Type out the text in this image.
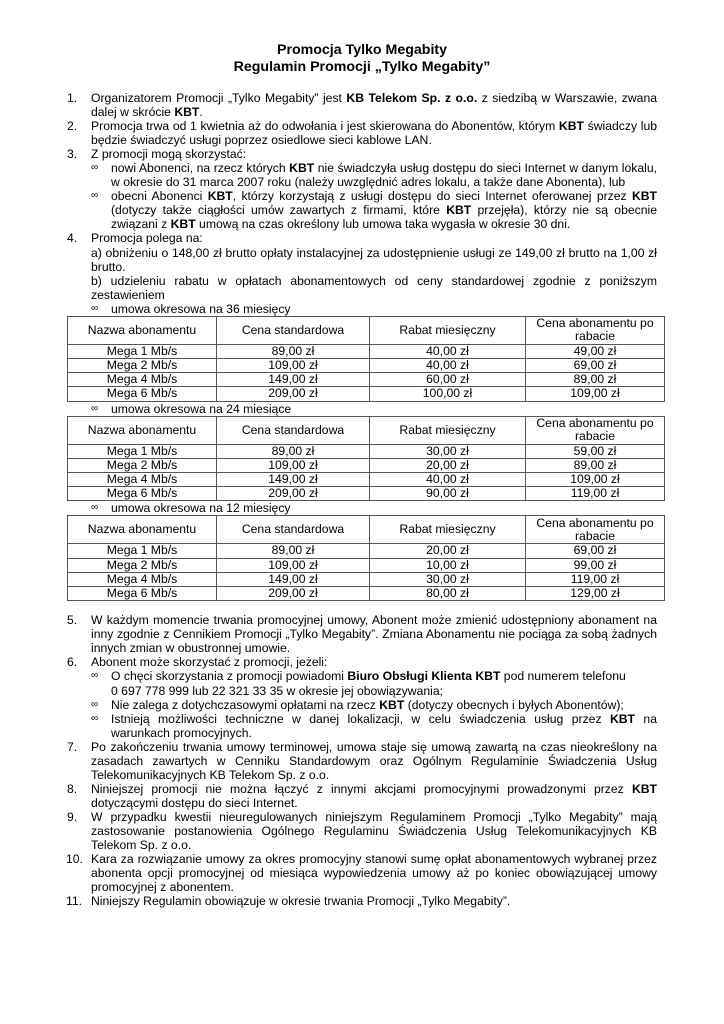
Promocja Tylko Megabity
Regulamin Promocji „Tylko Megabity”
1. Organizatorem Promocji „Tylko Megabity” jest KB Telekom Sp. z o.o. z siedzibą w Warszawie, zwana dalej w skrócie KBT.
2. Promocja trwa od 1 kwietnia aż do odwołania i jest skierowana do Abonentów, którym KBT świadczy lub będzie świadczyć usługi poprzez osiedlowe sieci kablowe LAN.
3. Z promocji mogą skorzystać:
∞ nowi Abonenci, na rzecz których KBT nie świadczyła usług dostępu do sieci Internet w danym lokalu, w okresie do 31 marca 2007 roku (należy uwzględnić adres lokalu, a także dane Abonenta), lub
∞ obecni Abonenci KBT, którzy korzystają z usługi dostępu do sieci Internet oferowanej przez KBT (dotyczy także ciągłości umów zawartych z firmami, które KBT przejęła), którzy nie są obecnie związani z KBT umową na czas określony lub umowa taka wygasła w okresie 30 dni.
4. Promocja polega na:
a) obniżeniu o 148,00 zł brutto opłaty instalacyjnej za udostępnienie usługi ze 149,00 zł brutto na 1,00 zł brutto.
b) udzieleniu rabatu w opłatach abonamentowych od ceny standardowej zgodnie z poniższym zestawieniem
∞ umowa okresowa na 36 miesięcy
Nazwa abonamentu	Cena standardowa	Rabat miesięczny	Cena abonamentu po rabacie
Mega 1 Mb/s	89,00 zł	40,00 zł	49,00 zł
Mega 2 Mb/s	109,00 zł	40,00 zł	69,00 zł
Mega 4 Mb/s	149,00 zł	60,00 zł	89,00 zł
Mega 6 Mb/s	209,00 zł	100,00 zł	109,00 zł
∞ umowa okresowa na 24 miesiące
Nazwa abonamentu	Cena standardowa	Rabat miesięczny	Cena abonamentu po rabacie
Mega 1 Mb/s	89,00 zł	30,00 zł	59,00 zł
Mega 2 Mb/s	109,00 zł	20,00 zł	89,00 zł
Mega 4 Mb/s	149,00 zł	40,00 zł	109,00 zł
Mega 6 Mb/s	209,00 zł	90,00 zł	119,00 zł
∞ umowa okresowa na 12 miesięcy
Nazwa abonamentu	Cena standardowa	Rabat miesięczny	Cena abonamentu po rabacie
Mega 1 Mb/s	89,00 zł	20,00 zł	69,00 zł
Mega 2 Mb/s	109,00 zł	10,00 zł	99,00 zł
Mega 4 Mb/s	149,00 zł	30,00 zł	119,00 zł
Mega 6 Mb/s	209,00 zł	80,00 zł	129,00 zł
5. W każdym momencie trwania promocyjnej umowy, Abonent może zmienić udostępniony abonament na inny zgodnie z Cennikiem Promocji „Tylko Megabity”. Zmiana Abonamentu nie pociąga za sobą żadnych innych zmian w obustronnej umowie.
6. Abonent może skorzystać z promocji, jeżeli:
∞ O chęci skorzystania z promocji powiadomi Biuro Obsługi Klienta KBT pod numerem telefonu
0 697 778 999 lub 22 321 33 35 w okresie jej obowiązywania;
∞ Nie zalega z dotychczasowymi opłatami na rzecz KBT (dotyczy obecnych i byłych Abonentów);
∞ Istnieją możliwości techniczne w danej lokalizacji, w celu świadczenia usług przez KBT na warunkach promocyjnych.
7. Po zakończeniu trwania umowy terminowej, umowa staje się umową zawartą na czas nieokreślony na zasadach zawartych w Cenniku Standardowym oraz Ogólnym Regulaminie Świadczenia Usług Telekomunikacyjnych KB Telekom Sp. z o.o.
8. Niniejszej promocji nie można łączyć z innymi akcjami promocyjnymi prowadzonymi przez KBT dotyczącymi dostępu do sieci Internet.
9. W przypadku kwestii nieuregulowanych niniejszym Regulaminem Promocji „Tylko Megabity” mają zastosowanie postanowienia Ogólnego Regulaminu Świadczenia Usług Telekomunikacyjnych KB Telekom Sp. z o.o.
10. Kara za rozwiązanie umowy za okres promocyjny stanowi sumę opłat abonamentowych wybranej przez abonenta opcji promocyjnej od miesiąca wypowiedzenia umowy aż po koniec obowiązującej umowy promocyjnej z abonentem.
11. Niniejszy Regulamin obowiązuje w okresie trwania Promocji „Tylko Megabity”.
